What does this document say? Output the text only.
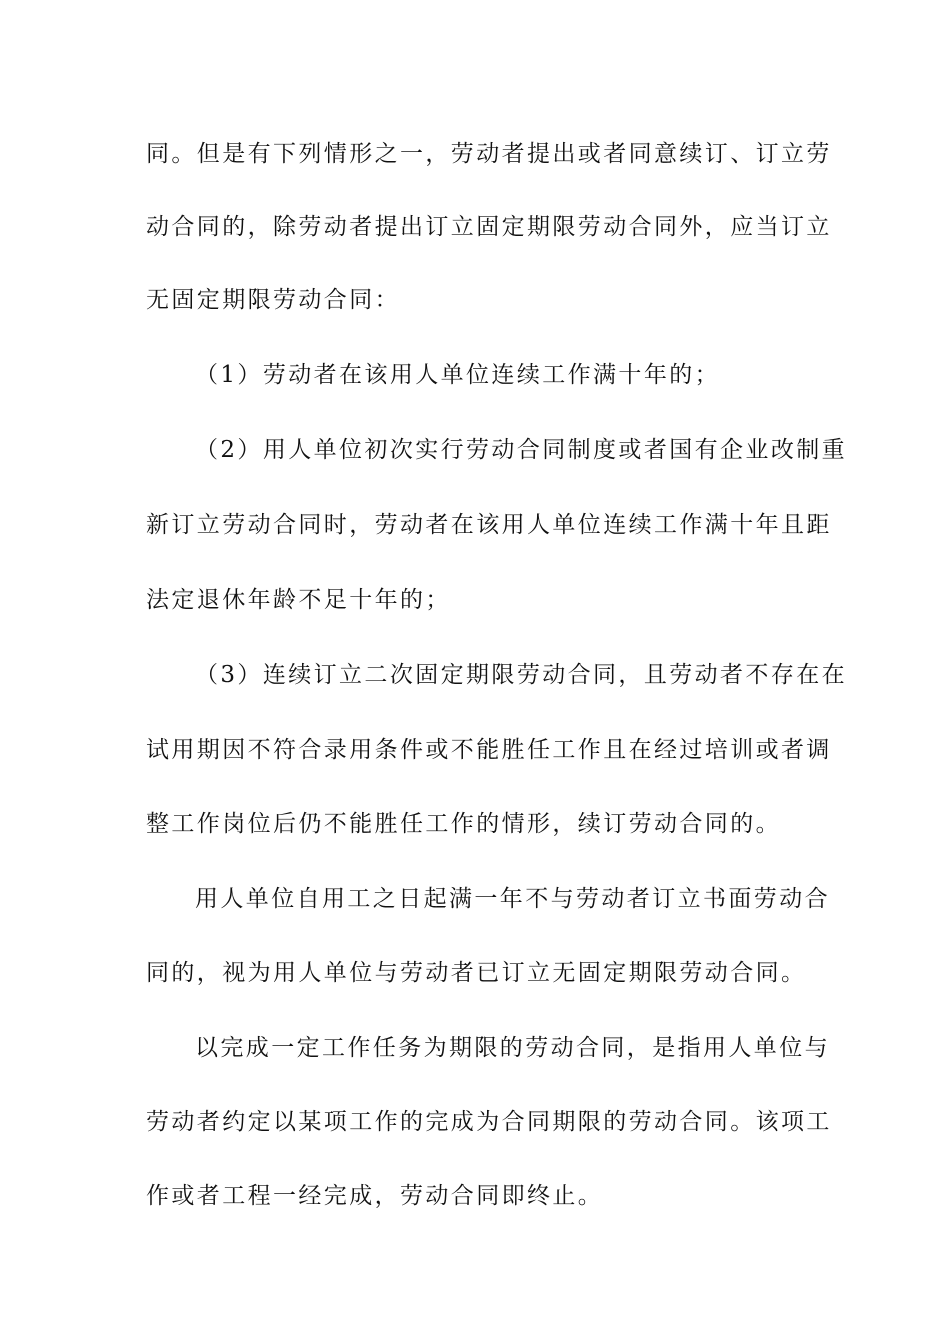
同。但是有下列情形之一，劳动者提出或者同意续订、订立劳
动合同的，除劳动者提出订立固定期限劳动合同外，应当订立
无固定期限劳动合同：
（1）劳动者在该用人单位连续工作满十年的；
（2）用人单位初次实行劳动合同制度或者国有企业改制重
新订立劳动合同时，劳动者在该用人单位连续工作满十年且距
法定退休年龄不足十年的；
（3）连续订立二次固定期限劳动合同，且劳动者不存在在
试用期因不符合录用条件或不能胜任工作且在经过培训或者调
整工作岗位后仍不能胜任工作的情形，续订劳动合同的。
用人单位自用工之日起满一年不与劳动者订立书面劳动合
同的，视为用人单位与劳动者已订立无固定期限劳动合同。
以完成一定工作任务为期限的劳动合同，是指用人单位与
劳动者约定以某项工作的完成为合同期限的劳动合同。该项工
作或者工程一经完成，劳动合同即终止。
